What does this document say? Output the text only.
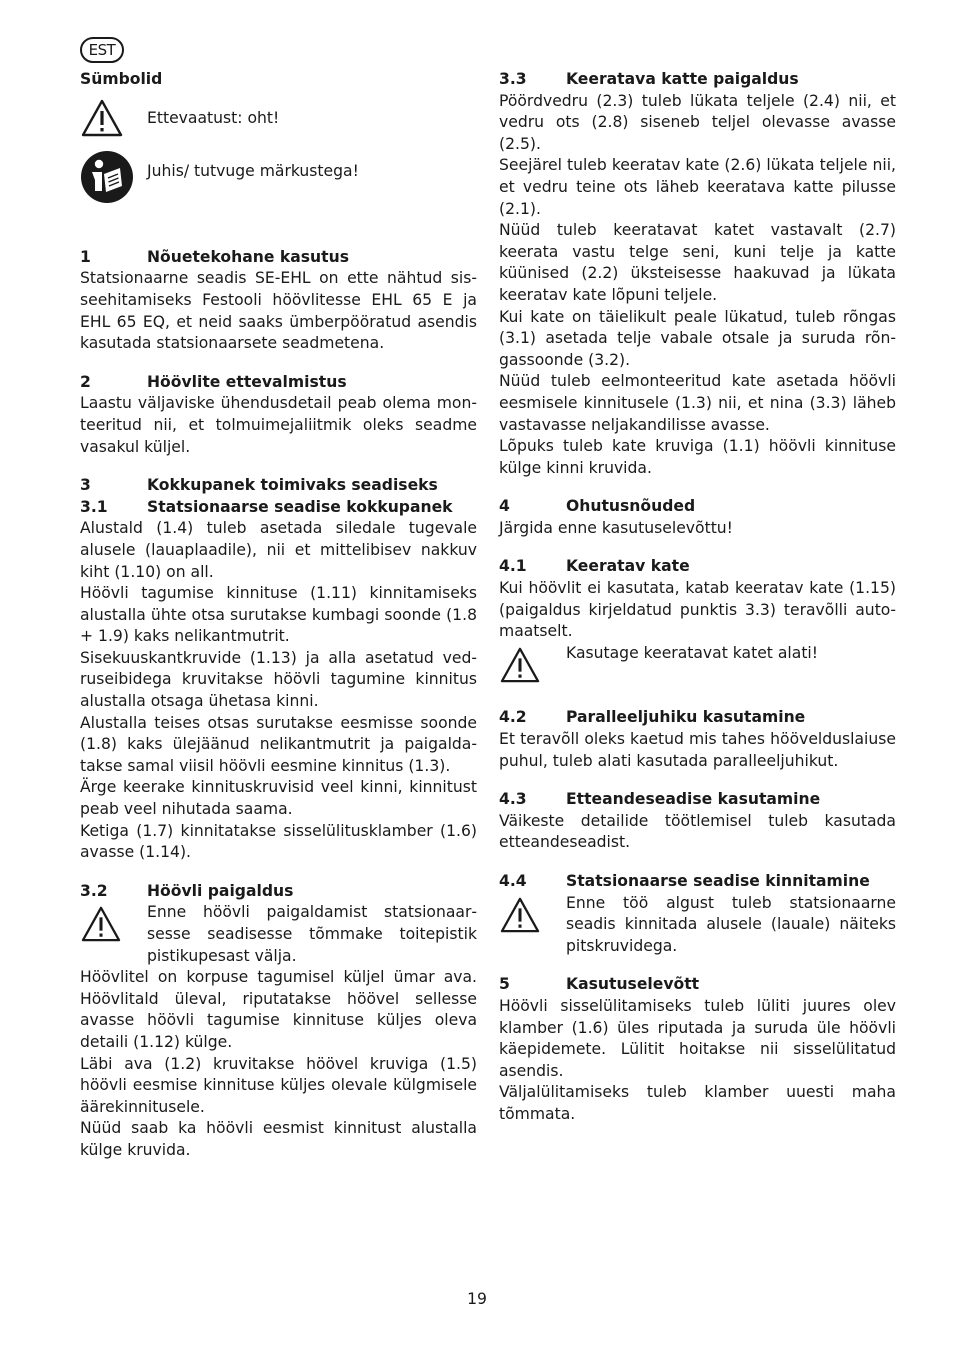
EST
Sümbolid
Ettevaatust: oht!
Juhis/ tutvuge märkustega!
1	Nõuetekohane kasutus

Statsionaarne seadis SE-EHL on ette nähtud sisseehitamiseks Festooli höövlitesse EHL 65 E ja EHL 65 EQ, et neid saaks ümberpööratud asendis kasutada statsionaarsete seadmetena.

2	Höövlite ettevalmistus

Laastu väljaviske ühendusdetail peab olema monteeritud nii, et tolmuimejaliitmik oleks seadme vasakul küljel.

3	Kokkupanek toimivaks seadiseks
3.1	Statsionaarse seadise kokkupanek

Alustald (1.4) tuleb asetada siledale tugevale alusele (lauaplaadile), nii et mittelibisev nakkuv kiht (1.10) on all.

Höövli tagumise kinnituse (1.11) kinnitamiseks alustalla ühte otsa surutakse kumbagi soonde (1.8 + 1.9) kaks nelikantmutrit.

Sisekuuskantkruvide (1.13) ja alla asetatud vedruseibidega kruvitakse höövli tagumine kinnitus alustalla otsaga ühetasa kinni.

Alustalla teises otsas surutakse eesmisse soonde (1.8) kaks ülejäänud nelikantmutrit ja paigaldatakse samal viisil höövli eesmine kinnitus (1.3).

Ärge keerake kinnituskruvisid veel kinni, kinnitust peab veel nihutada saama.

Ketiga (1.7) kinnitatakse sisselülitusklamber (1.6) avasse (1.14).

3.2	Höövli paigaldus
Enne höövli paigaldamist statsionaarsesse seadisesse tõmmake toitepistik pistikupesast välja.

Höövlitel on korpuse tagumisel küljel ümar ava. Höövlitald üleval, riputatakse höövel sellesse avasse höövli tagumise kinnituse küljes oleva detaili (1.12) külge.

Läbi ava (1.2) kruvitakse höövel kruviga (1.5) höövli eesmise kinnituse küljes olevale külgmisele äärekinnitusele.

Nüüd saab ka höövli eesmist kinnitust alustalla külge kruvida.

3.3	Keeratava katte paigaldus

Pöördvedru (2.3) tuleb lükata teljele (2.4) nii, et vedru ots (2.8) siseneb teljel olevasse avasse (2.5).

Seejärel tuleb keeratav kate (2.6) lükata teljele nii, et vedru teine ots läheb keeratava katte pilusse (2.1).

Nüüd tuleb keeratavat katet vastavalt (2.7) keerata vastu telge seni, kuni telje ja katte küünised (2.2) üksteisesse haakuvad ja lükata keeratav kate lõpuni teljele.

Kui kate on täielikult peale lükatud, tuleb rõngas (3.1) asetada telje vabale otsale ja suruda rõngassoonde (3.2).

Nüüd tuleb eelmonteeritud kate asetada höövli eesmisele kinnitusele (1.3) nii, et nina (3.3) läheb vastavasse neljakandilisse avasse.

Lõpuks tuleb kate kruviga (1.1) höövli kinnituse külge kinni kruvida.

4	Ohutusnõuded

Järgida enne kasutuselevõttu!

4.1	Keeratav kate

Kui höövlit ei kasutata, katab keeratav kate (1.15) (paigaldus kirjeldatud punktis 3.3) teravõlli automaatselt.

Kasutage keeratavat katet alati!
4.2	Paralleeljuhiku kasutamine

Et teravõll oleks kaetud mis tahes höövelduslaiuse puhul, tuleb alati kasutada paralleeljuhikut.

4.3	Etteandeseadise kasutamine

Väikeste detailide töötlemisel tuleb kasutada etteandeseadist.

4.4	Statsionaarse seadise kinnitamine
Enne töö algust tuleb statsionaarne seadis kinnitada alusele (lauale) näiteks pitskruvidega.
5	Kasutuselevõtt

Höövli sisselülitamiseks tuleb lüliti juures olev klamber (1.6) üles riputada ja suruda üle höövli käepidemete. Lülitit hoitakse nii sisselülitatud asendis.

Väljalülitamiseks tuleb klamber uuesti maha tõmmata.

19
